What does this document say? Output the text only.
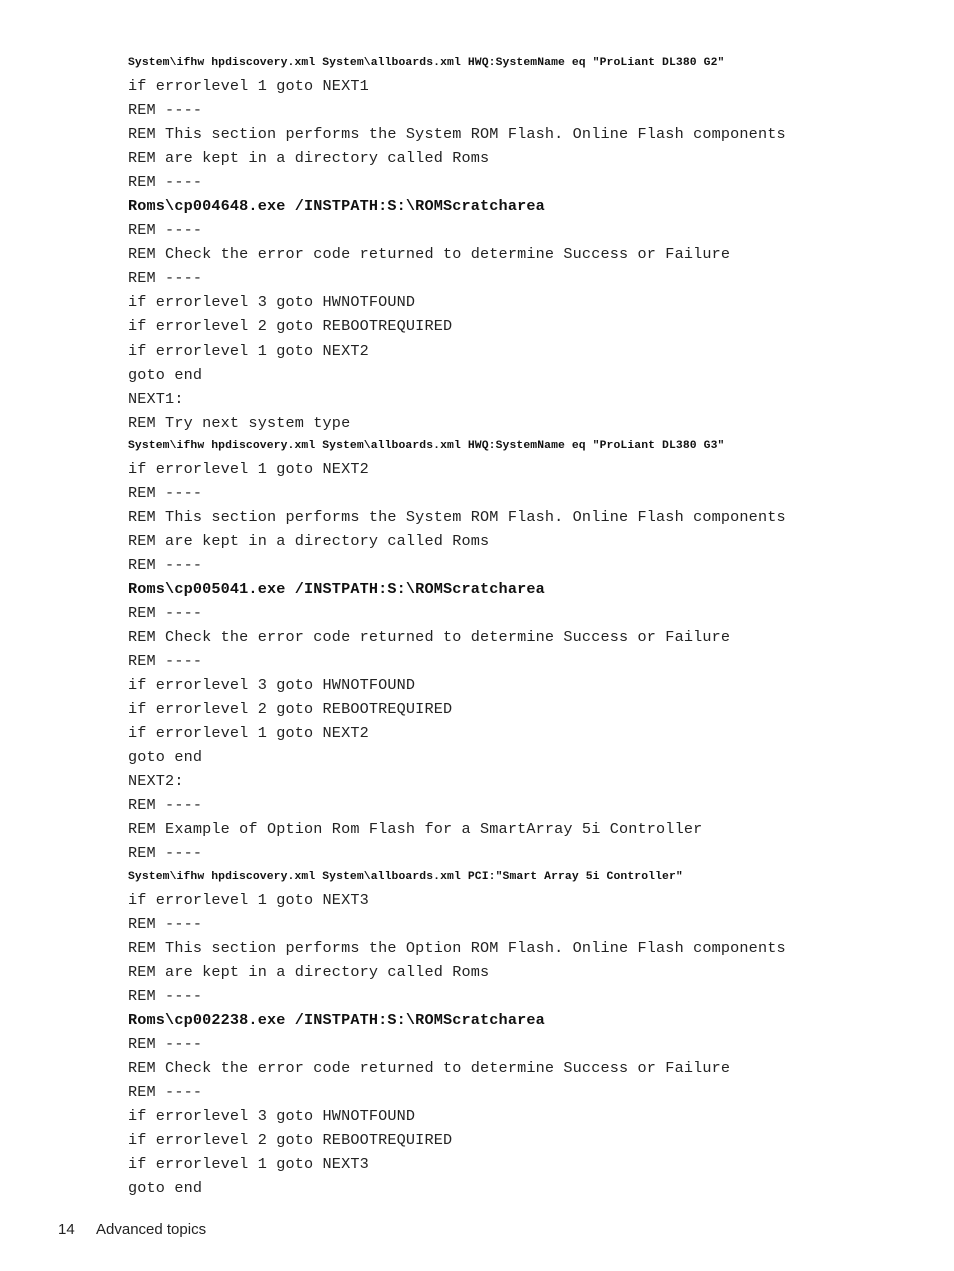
System\ifhw hpdiscovery.xml System\allboards.xml HWQ:SystemName eq "ProLiant DL380 G2"
if errorlevel 1 goto NEXT1
REM ----
REM This section performs the System ROM Flash. Online Flash components
REM are kept in a directory called Roms
REM ----
Roms\cp004648.exe /INSTPATH:S:\ROMScratcharea
REM ----
REM Check the error code returned to determine Success or Failure
REM ----
if errorlevel 3 goto HWNOTFOUND
if errorlevel 2 goto REBOOTREQUIRED
if errorlevel 1 goto NEXT2
goto end
NEXT1:
REM Try next system type
System\ifhw hpdiscovery.xml System\allboards.xml HWQ:SystemName eq "ProLiant DL380 G3"
if errorlevel 1 goto NEXT2
REM ----
REM This section performs the System ROM Flash. Online Flash components
REM are kept in a directory called Roms
REM ----
Roms\cp005041.exe /INSTPATH:S:\ROMScratcharea
REM ----
REM Check the error code returned to determine Success or Failure
REM ----
if errorlevel 3 goto HWNOTFOUND
if errorlevel 2 goto REBOOTREQUIRED
if errorlevel 1 goto NEXT2
goto end
NEXT2:
REM ----
REM Example of Option Rom Flash for a SmartArray 5i Controller
REM ----
System\ifhw hpdiscovery.xml System\allboards.xml PCI:"Smart Array 5i Controller"
if errorlevel 1 goto NEXT3
REM ----
REM This section performs the Option ROM Flash. Online Flash components
REM are kept in a directory called Roms
REM ----
Roms\cp002238.exe /INSTPATH:S:\ROMScratcharea
REM ----
REM Check the error code returned to determine Success or Failure
REM ----
if errorlevel 3 goto HWNOTFOUND
if errorlevel 2 goto REBOOTREQUIRED
if errorlevel 1 goto NEXT3
goto end
14 Advanced topics
